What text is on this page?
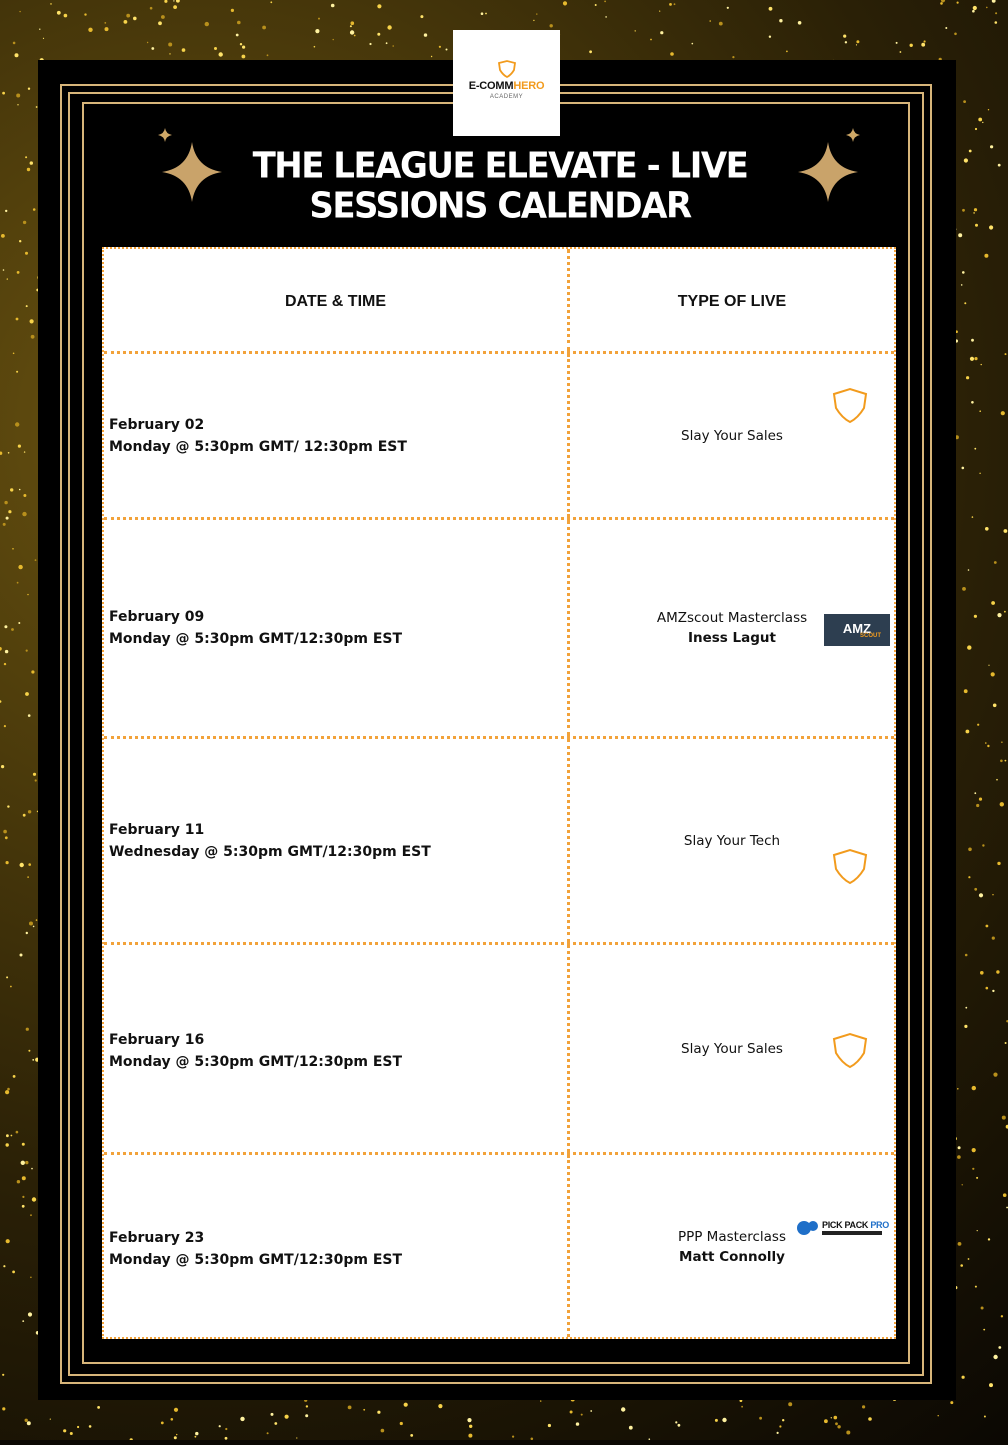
E-COMMHERO
ACADEMY
THE LEAGUE ELEVATE - LIVE SESSIONS CALENDAR
DATE & TIME	TYPE OF LIVE
February 02
Monday @ 5:30pm GMT/ 12:30pm EST
Slay Your Sales
February 09
Monday @ 5:30pm GMT/12:30pm EST
AMZscout Masterclass
Iness Lagut
AMZ
SCOUT
February 11
Wednesday @ 5:30pm GMT/12:30pm EST
Slay Your Tech
February 16
Monday @ 5:30pm GMT/12:30pm EST
Slay Your Sales
February 23
Monday @ 5:30pm GMT/12:30pm EST
PPP Masterclass
Matt Connolly
PICK PACK PRO
